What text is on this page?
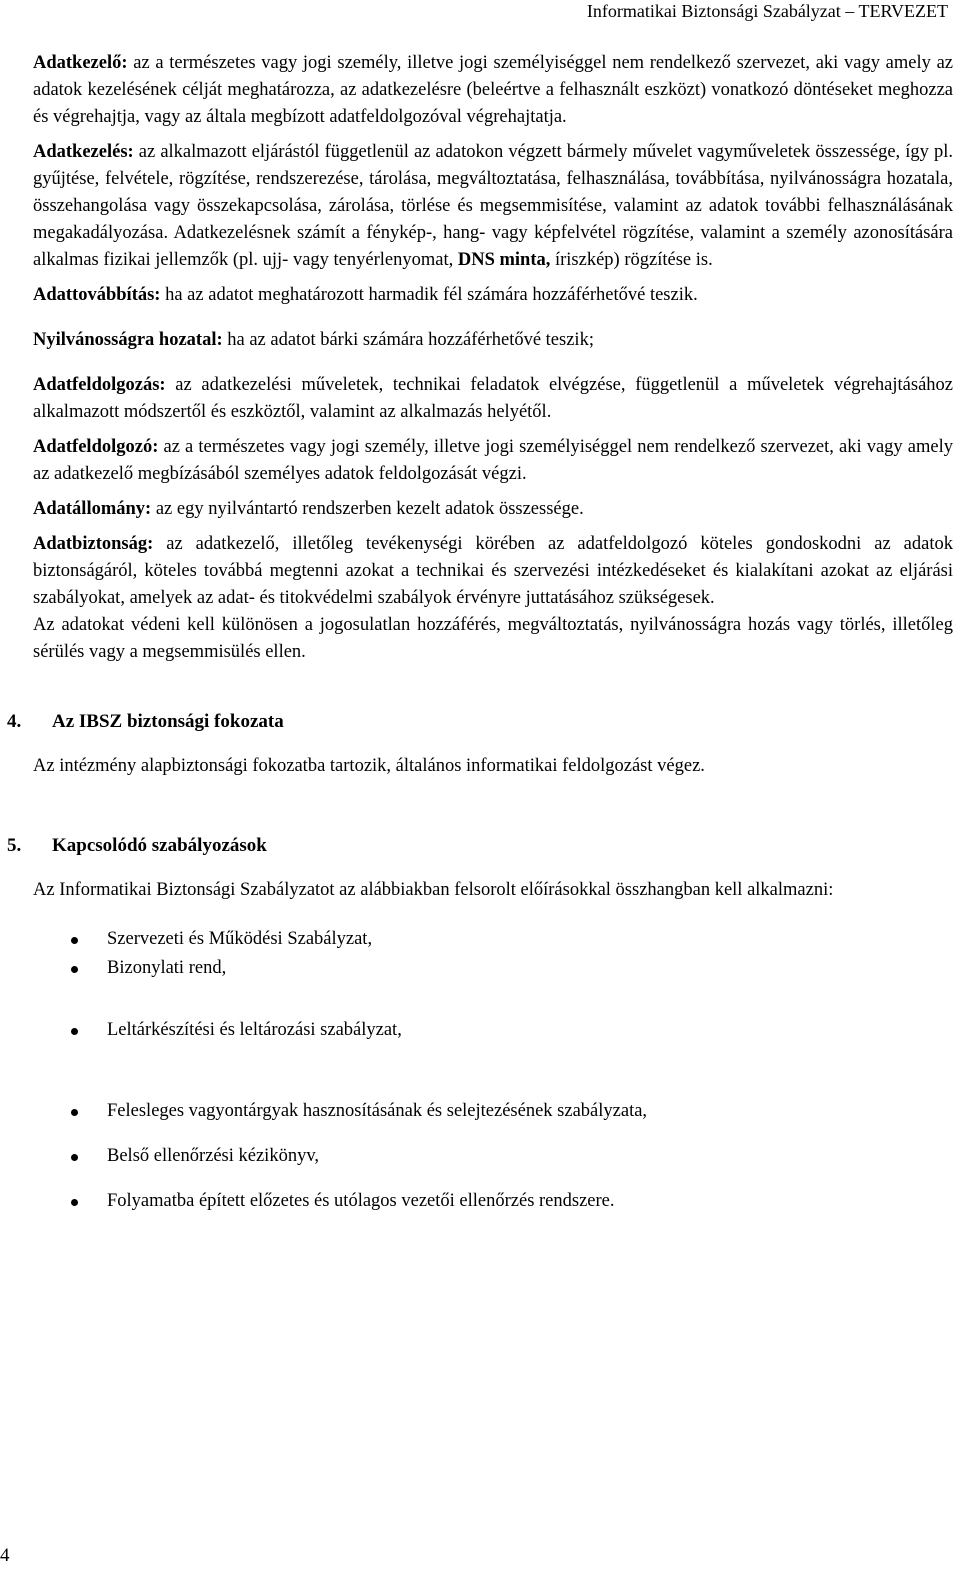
Informatikai Biztonsági Szabályzat – TERVEZET

Adatkezelő: az a természetes vagy jogi személy, illetve jogi személyiséggel nem rendelkező szervezet, aki vagy amely az adatok kezelésének célját meghatározza, az adatkezelésre (beleértve a felhasznált eszközt) vonatkozó döntéseket meghozza és végrehajtja, vagy az általa megbízott adatfeldolgozóval végrehajtatja.

Adatkezelés: az alkalmazott eljárástól függetlenül az adatokon végzett bármely művelet vagyműveletek összessége, így pl. gyűjtése, felvétele, rögzítése, rendszerezése, tárolása, megváltoztatása, felhasználása, továbbítása, nyilvánosságra hozatala, összehangolása vagy összekapcsolása, zárolása, törlése és megsemmisítése, valamint az adatok további felhasználásának megakadályozása. Adatkezelésnek számít a fénykép-, hang- vagy képfelvétel rögzítése, valamint a személy azonosítására alkalmas fizikai jellemzők (pl. ujj- vagy tenyérlenyomat, DNS minta, íriszkép) rögzítése is.

Adattovábbítás: ha az adatot meghatározott harmadik fél számára hozzáférhetővé teszik.

Nyilvánosságra hozatal: ha az adatot bárki számára hozzáférhetővé teszik;

Adatfeldolgozás: az adatkezelési műveletek, technikai feladatok elvégzése, függetlenül a műveletek végrehajtásához alkalmazott módszertől és eszköztől, valamint az alkalmazás helyétől.

Adatfeldolgozó: az a természetes vagy jogi személy, illetve jogi személyiséggel nem rendelkező szervezet, aki vagy amely az adatkezelő megbízásából személyes adatok feldolgozását végzi.

Adatállomány: az egy nyilvántartó rendszerben kezelt adatok összessége.

Adatbiztonság: az adatkezelő, illetőleg tevékenységi körében az adatfeldolgozó köteles gondoskodni az adatok biztonságáról, köteles továbbá megtenni azokat a technikai és szervezési intézkedéseket és kialakítani azokat az eljárási szabályokat, amelyek az adat- és titokvédelmi szabályok érvényre juttatásához szükségesek.

Az adatokat védeni kell különösen a jogosulatlan hozzáférés, megváltoztatás, nyilvánosságra hozás vagy törlés, illetőleg sérülés vagy a megsemmisülés ellen.

4. Az IBSZ biztonsági fokozata

Az intézmény alapbiztonsági fokozatba tartozik, általános informatikai feldolgozást végez.

5. Kapcsolódó szabályozások

Az Informatikai Biztonsági Szabályzatot az alábbiakban felsorolt előírásokkal összhangban kell alkalmazni:

Szervezeti és Működési Szabályzat,
Bizonylati rend,
Leltárkészítési és leltározási szabályzat,
Felesleges vagyontárgyak hasznosításának és selejtezésének szabályzata,
Belső ellenőrzési kézikönyv,
Folyamatba épített előzetes és utólagos vezetői ellenőrzés rendszere.
4
